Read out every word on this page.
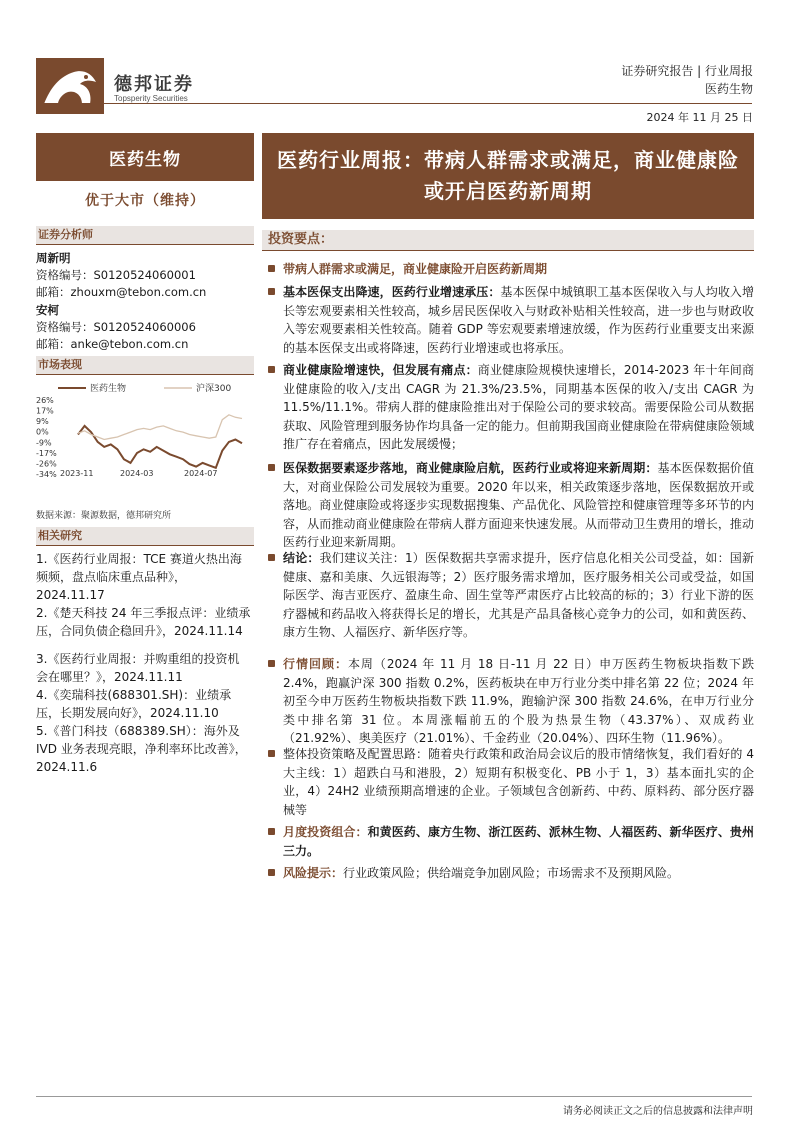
德邦证券
Topsperity Securities
证券研究报告 | 行业周报
医药生物
2024 年 11 月 25 日
医药生物
优于大市（维持）
证券分析师
周新明
资格编号：S0120524060001
邮箱：zhouxm@tebon.com.cn
安柯
资格编号：S0120524060006
邮箱：anke@tebon.com.cn
市场表现
医药生物	沪深300
26%
17%
9%
0%
-9%
-17%
-26%
-34% 2023-11	2024-03	2024-07
数据来源：聚源数据，德邦研究所
相关研究
1.《医药行业周报：TCE 赛道火热出海频频，盘点临床重点品种》，2024.11.17
2.《楚天科技 24 年三季报点评：业绩承压，合同负债企稳回升》，2024.11.14
3.《医药行业周报：并购重组的投资机会在哪里？》，2024.11.11
4.《奕瑞科技(688301.SH)：业绩承压，长期发展向好》，2024.11.10
5.《普门科技（688389.SH）：海外及 IVD 业务表现亮眼，净利率环比改善》，2024.11.6
医药行业周报：带病人群需求或满足，商业健康险或开启医药新周期
投资要点：
带病人群需求或满足，商业健康险开启医药新周期
基本医保支出降速，医药行业增速承压：基本医保中城镇职工基本医保收入与人均收入增长等宏观要素相关性较高，城乡居民医保收入与财政补贴相关性较高，进一步也与财政收入等宏观要素相关性较高。随着 GDP 等宏观要素增速放缓，作为医药行业重要支出来源的基本医保支出或将降速，医药行业增速或也将承压。
商业健康险增速快，但发展有痛点：商业健康险规模快速增长，2014-2023 年十年间商业健康险的收入/支出 CAGR 为 21.3%/23.5%，同期基本医保的收入/支出 CAGR 为 11.5%/11.1%。带病人群的健康险推出对于保险公司的要求较高。需要保险公司从数据获取、风险管理到服务协作均具备一定的能力。但前期我国商业健康险在带病健康险领域推广存在着痛点，因此发展缓慢；
医保数据要素逐步落地，商业健康险启航，医药行业或将迎来新周期：基本医保数据价值大，对商业保险公司发展较为重要。2020 年以来，相关政策逐步落地，医保数据放开或落地。商业健康险或将逐步实现数据搜集、产品优化、风险管控和健康管理等多环节的内容，从而推动商业健康险在带病人群方面迎来快速发展。从而带动卫生费用的增长，推动医药行业迎来新周期。
结论：我们建议关注：1）医保数据共享需求提升，医疗信息化相关公司受益，如：国新健康、嘉和美康、久远银海等；2）医疗服务需求增加，医疗服务相关公司或受益，如国际医学、海吉亚医疗、盈康生命、固生堂等严肃医疗占比较高的标的；3）行业下游的医疗器械和药品收入将获得长足的增长，尤其是产品具备核心竞争力的公司，如和黄医药、康方生物、人福医疗、新华医疗等。
行情回顾：本周（2024 年 11 月 18 日-11 月 22 日）申万医药生物板块指数下跌 2.4%，跑赢沪深 300 指数 0.2%，医药板块在申万行业分类中排名第 22 位；2024 年初至今申万医药生物板块指数下跌 11.9%，跑输沪深 300 指数 24.6%，在申万行业分类中排名第 31 位。本周涨幅前五的个股为热景生物（43.37%）、双成药业（21.92%）、奥美医疗（21.01%）、千金药业（20.04%）、四环生物（11.96%）。
整体投资策略及配置思路：随着央行政策和政治局会议后的股市情绪恢复，我们看好的 4 大主线：1）超跌白马和港股，2）短期有积极变化、PB 小于 1，3）基本面扎实的企业，4）24H2 业绩预期高增速的企业。子领域包含创新药、中药、原料药、部分医疗器械等
月度投资组合：和黄医药、康方生物、浙江医药、派林生物、人福医药、新华医疗、贵州三力。
风险提示：行业政策风险；供给端竞争加剧风险；市场需求不及预期风险。
请务必阅读正文之后的信息披露和法律声明
